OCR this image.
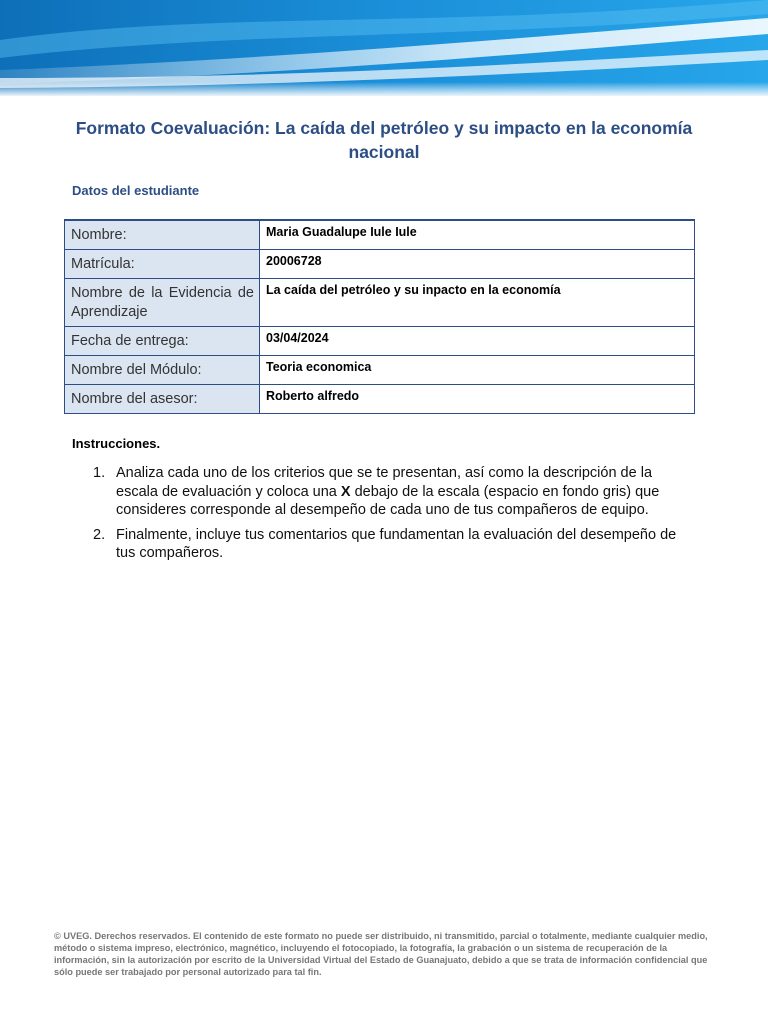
Formato Coevaluación: La caída del petróleo y su impacto en la economía nacional
Datos del estudiante
Nombre:	Maria Guadalupe Iule Iule
Matrícula:	20006728
Nombre de la Evidencia de Aprendizaje	La caída del petróleo y su inpacto en la economía
Fecha de entrega:	03/04/2024
Nombre del Módulo:	Teoria economica
Nombre del asesor:	Roberto alfredo
Instrucciones.
1. Analiza cada uno de los criterios que se te presentan, así como la descripción de la escala de evaluación y coloca una X debajo de la escala (espacio en fondo gris) que consideres corresponde al desempeño de cada uno de tus compañeros de equipo.
2. Finalmente, incluye tus comentarios que fundamentan la evaluación del desempeño de tus compañeros.
© UVEG. Derechos reservados. El contenido de este formato no puede ser distribuido, ni transmitido, parcial o totalmente, mediante cualquier medio, método o sistema impreso, electrónico, magnético, incluyendo el fotocopiado, la fotografía, la grabación o un sistema de recuperación de la información, sin la autorización por escrito de la Universidad Virtual del Estado de Guanajuato, debido a que se trata de información confidencial que sólo puede ser trabajado por personal autorizado para tal fin.
